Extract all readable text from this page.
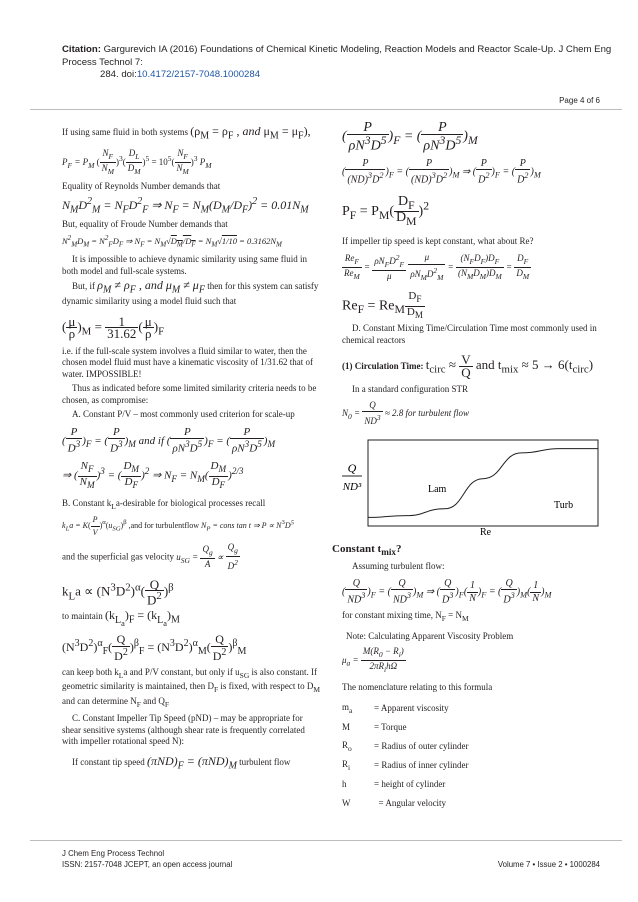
Citation: Gargurevich IA (2016) Foundations of Chemical Kinetic Modeling, Reaction Models and Reactor Scale-Up. J Chem Eng Process Technol 7:
284. doi:10.4172/2157-7048.1000284
Page 4 of 6

If using same fluid in both systems ($\rho_M = \rho_F$ , and $\mu_M = \mu_F$),

$P_F = P_M$ ( $\frac{N_F}{N_M} )^3( \frac{D_L}{D_M} )^5 = 10^5( \frac{N_F}{N_M} )^3$ $P_M$

Equality of Reynolds Number demands that

$N_MD^2_M = N_FD^2_F$ ⇒ $N_F = N_M(D_M/D_F)^2 = 0.01N_M$

But, equality of Froude Number demands that

$N^2_MD_M = N^2_FD_F$ ⇒ $N_F = N_M√D_M/D_F = N_M√1/10 = 0.3162N_M$

It is impossible to achieve dynamic similarity using same fluid in both model and full-scale systems.

But, if $\rho_M \ne \rho_F$ , and $\mu_M \ne \mu_F$ then for this system can satisfy dynamic similarity using a model fluid such that

( $\frac{\mu}{\rho} )_M = \frac{1}{31.62}$ ( $\frac{\mu}{\rho} )_F$

i.e. if the full-scale system involves a fluid similar to water, then the chosen model fluid must have a kinematic viscosity of 1/31.62 that of water. IMPOSSIBLE!

Thus as indicated before some limited similarity criteria needs to be chosen, as compromise:

A. Constant P/V – most commonly used criterion for scale-up

( $\frac{P}{D^3} )_F$ = ( $\frac{P}{D^3} )_M$ and if ( $\frac{P}{\rho N^3D^5} )_F$ = ( $\frac{P}{\rho N^3D^5} )_M$

⇒ ( $\frac{N_F}{N_M} )^3$ = ( $\frac{D_M}{D_F} )^2$ ⇒ $N_F = N_M( \frac{D_M}{D_F} )^{2/3}$

B. Constant $k_La$-desirable for biological processes recall

$k_La = K( \frac{P}{V} )^\alpha(u_{SG})^\beta$ ,and for turbulentflow $N_P$ = cons tan t ⇒ $P \propto N^3D^5$

and the superficial gas velocity $u_{SG} = \frac{Q_g}{A} \propto \frac{Q_g}{D^2}$

$k_La \propto (N^3D^2)^\alpha( \frac{Q}{D^2} )^\beta$

to maintain $(k_{L_a})_F = (k_{L_a})_M$

$(N^3D^2)^\alpha_F( \frac{Q}{D^2} )^\beta_F = (N^3D^2)^\alpha_M( \frac{Q}{D^2} )^\beta_M$

can keep both $k_La$ and P/V constant, but only if $u_{SG}$ is also constant. If geometric similarity is maintained, then $D_F$ is fixed, with respect to $D_M$ and can determine $N_F$ and $Q_F$

C. Constant Impeller Tip Speed (pND) – may be appropriate for shear sensitive systems (although shear rate is frequently correlated with impeller rotational speed N):

If constant tip speed $(\pi ND)_F = (\pi ND)_M$ turbulent flow

( $\frac{P}{\rho N^3D^5} )_F$ = ( $\frac{P}{\rho N^3D^5} )_M$

( $\frac{P}{(ND)^3D^2} )_F$ = ( $\frac{P}{(ND)^3D^2} )_M$ ⇒ ( $\frac{P}{D^2} )_F$ = ( $\frac{P}{D^2} )_M$

$P_F = P_M( \frac{D_F}{D_M} )^2$

If impeller tip speed is kept constant, what about Re?

$\frac{Re_F}{Re_M} = \frac{\rho N_FD^2_F}{\mu}$
$\frac{\mu}{\rho N_MD^2_M} = \frac{(N_FD_F)D_F}{(N_MD_M)D_M} = \frac{D_F}{D_M}$

$Re_F = Re_M \frac{D_F}{D_M}$

D. Constant Mixing Time/Circulation Time most commonly used in chemical reactors

(1) Circulation Time: $t_{circ} \approx \frac{V}{Q}$ and $t_{mix} \approx 5 \to 6(t_{circ})$

In a standard configuration STR

$N_0 = \frac{Q}{ND^3} \approx 2.8$ for turbulent flow

Q
ND³	Lam
Turb
Re

Constant $t_{mix}$?

Assuming turbulent flow:

( $\frac{Q}{ND^3} )_F$ = ( $\frac{Q}{ND^3} )_M$ ⇒ ( $\frac{Q}{D^3} )_F( \frac{1}{N} )_F$ = ( $\frac{Q}{D^3} )_M( \frac{1}{N} )_M$

for constant mixing time, $N_F = N_M$

Note: Calculating Apparent Viscosity Problem

$\mu_a = \frac{M(R_0 - R_i)}{2\pi R_ih\Omega}$

The nomenclature relating to this formula

$m_a$	= Apparent viscosity
M	= Torque
$R_o$	= Radius of outer cylinder
$R_i$	= Radius of inner cylinder
h	= height of cylinder
W	= Angular velocity
J Chem Eng Process Technol
ISSN: 2157-7048 JCEPT, an open access journal	Volume 7 • Issue 2 • 1000284
